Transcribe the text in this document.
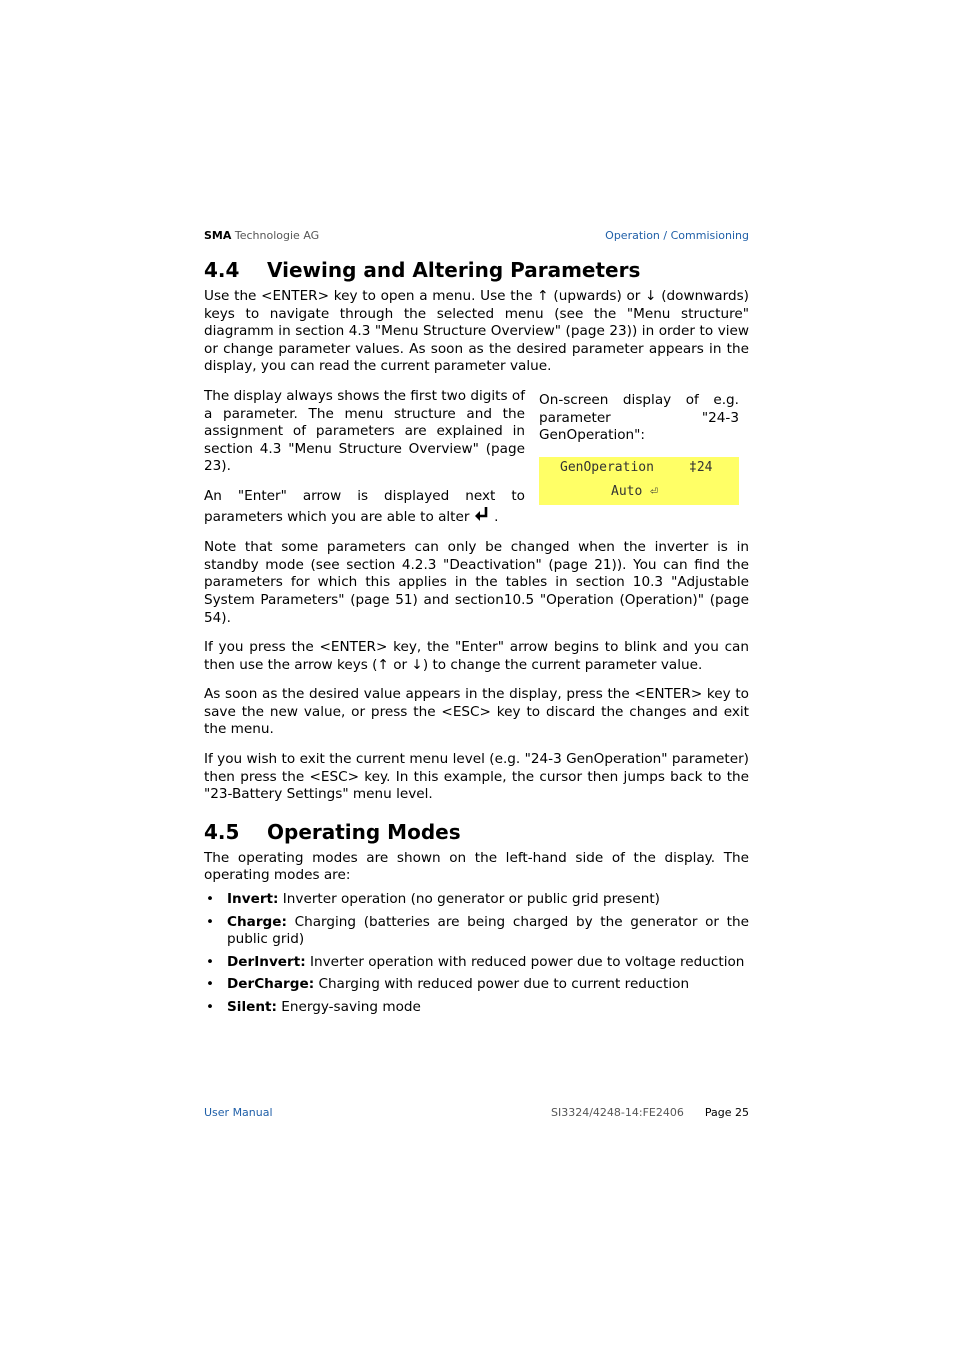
SMA Technologie AG	Operation / Commisioning
4.4 Viewing and Altering Parameters

Use the <ENTER> key to open a menu. Use the ↑ (upwards) or ↓ (downwards) keys to navigate through the selected menu (see the "Menu structure" diagramm in section 4.3 "Menu Structure Overview" (page 23)) in order to view or change parameter values. As soon as the desired parameter appears in the display, you can read the current parameter value.

On-screen display of e.g. parameter "24-3 GenOperation":

GenOperation	‡24
Auto ⏎

The display always shows the first two digits of a parameter. The menu structure and the assignment of parameters are explained in section 4.3 "Menu Structure Overview" (page 23).

An "Enter" arrow is displayed next to parameters which you are able to alter .

Note that some parameters can only be changed when the inverter is in standby mode (see section 4.2.3 "Deactivation" (page 21)). You can find the parameters for which this applies in the tables in section 10.3 "Adjustable System Parameters" (page 51) and section10.5 "Operation (Operation)" (page 54).

If you press the <ENTER> key, the "Enter" arrow begins to blink and you can then use the arrow keys (↑ or ↓) to change the current parameter value.

As soon as the desired value appears in the display, press the <ENTER> key to save the new value, or press the <ESC> key to discard the changes and exit the menu.

If you wish to exit the current menu level (e.g. "24-3 GenOperation" parameter) then press the <ESC> key. In this example, the cursor then jumps back to the "23-Battery Settings" menu level.

4.5 Operating Modes

The operating modes are shown on the left-hand side of the display. The operating modes are:

• Invert: Inverter operation (no generator or public grid present)
• Charge: Charging (batteries are being charged by the generator or the public grid)
• DerInvert: Inverter operation with reduced power due to voltage reduction
• DerCharge: Charging with reduced power due to current reduction
• Silent: Energy-saving mode
User Manual	SI3324/4248-14:FE2406 Page 25
